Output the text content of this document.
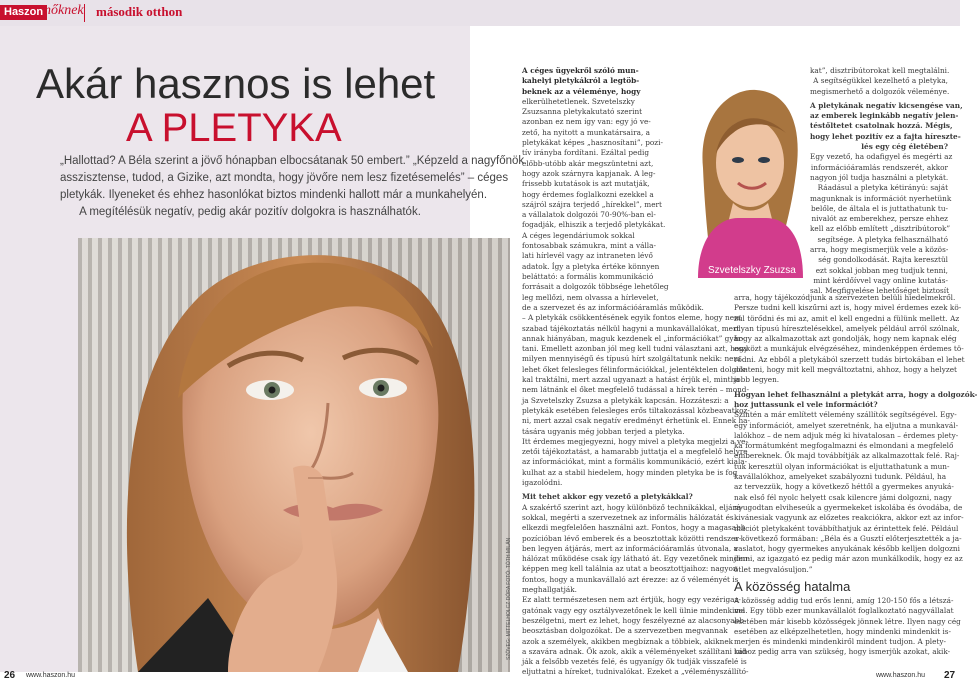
Haszon nőknek második otthon
Akár hasznos is lehet
A PLETYKA
„Hallottad? A Béla szerint a jövő hónapban elbocsátanak 50 embert.” „Képzeld a nagyfőnök
asszisztense, tudod, a Gizike, azt mondta, hogy jövőre nem lesz fizetésemelés” – céges
pletykák. Ilyeneket és ehhez hasonlókat biztos mindenki hallott már a munkahelyén.
A megítélésük negatív, pedig akár pozitív dolgokra is használhatók.
SZÖVEG: MITTELHOLCZ DÓRA FOTÓ: TÓTH MILÁN
A céges ügyekről szóló mun-
kahelyi pletykákról a legtöb-
beknek az a véleménye, hogy
elkerülhetetlenek. Szvetelszky
Zsuzsanna pletykakutató szerint
azonban ez nem így van: egy jó ve-
zető, ha nyitott a munkatársaira, a
pletykákat képes „hasznosítani”, pozi-
tív irányba fordítani. Ezáltal pedig
előbb-utóbb akár megszüntetni azt,
hogy azok szárnyra kapjanak. A leg-
frissebb kutatások is azt mutatják,
hogy érdemes foglalkozni ezekkel a
szájról szájra terjedő „hírekkel”, mert
a vállalatok dolgozói 70-90%-ban el-
fogadják, elhiszik a terjedő pletykákat.
A céges legendáriumok sokkal
fontosabbak számukra, mint a válla-
lati hírlevél vagy az intraneten lévő
adatok. Így a pletyka értéke könnyen
beláttató: a formális kommunikáció
forrásait a dolgozók többsége lehetőleg
leg mellőzi, nem olvassa a hírlevelet,
Szvetelszky Zsuzsa
de a szervezet és az információáramlás működik.
– A pletykák csökkentésének egyik fontos eleme, hogy nem
szabad tájékoztatás nélkül hagyni a munkavállalókat, mert
annak hiányában, maguk kezdenek el „információkat” gyár-
tani. Emellett azonban jól meg kell tudni választani azt, hogy
milyen mennyiségű és típusú hírt szolgáltatunk nekik: nem
lehet őket felesleges félinformációkkal, jelentéktelen dolgok-
kal traktálni, mert azzal ugyanazt a hatást érjük el, mintha
nem látnánk el őket megfelelő tudással a hírek terén – mond-
ja Szvetelszky Zsuzsa a pletykák kapcsán. Hozzáteszi: a
pletykák esetében felesleges erős tiltakozással közbeavatkoz-
ni, mert azzal csak negatív eredményt érhetünk el. Ennek ha-
tására ugyanis még jobban terjed a pletyka.
Itt érdemes megjegyezni, hogy mivel a pletyka megjelzi a ve-
zetői tájékoztatást, a hamarabb juttatja el a megfelelő helyre
az információkat, mint a formális kommunikáció, ezért kiala-
kulhat az a stabil hiedelem, hogy minden pletyka be is fog
igazolódni.
Mit tehet akkor egy vezető a pletykákkal?
A szakértő szerint azt, hogy különböző technikákkal, eljárá-
sokkal, megérti a szervezetnek az informális hálózatát és
elkezdi megfelelően használni azt. Fontos, hogy a magasabb
pozícióban lévő emberek és a beosztottak közötti rendszer-
ben legyen átjárás, mert az információáramlás útvonala, a
hálózat működése csak így látható át. Egy vezetőnek minden-
képpen meg kell találnia az utat a beosztottjaihoz: nagyon
fontos, hogy a munkavállaló azt érezze: az ő véleményét is
meghallgatják.
Ez alatt természetesen nem azt értjük, hogy egy vezérigaz-
gatónak vagy egy osztályvezetőnek le kell ülnie mindenkivel
beszélgetni, mert ez lehet, hogy feszélyezné az alacsonyabb
beosztásban dolgozókat. De a szervezetben megvannak
azok a személyek, akikben megbíznak a többiek, akiknek
a szavára adnak. Ők azok, akik a véleményeket szállítani tud-
ják a felsőbb vezetés felé, és ugyanígy ők tudják visszafelé is
eljuttatni a híreket, tudnivalókat. Ezeket a „véleményszállító-
kat”, disztribútorokat kell megtalálni.
A segítségükkel kezelhető a pletyka,
megismerhető a dolgozók véleménye.
A pletykának negatív kicsengése van,
az emberek leginkább negatív jelen-
téstőltetet csatolnak hozzá. Mégis,
hogy lehet pozitív ez a fajta híreszte-
lés egy cég életében?
Egy vezető, ha odafigyel és megérti az
információáramlás rendszerét, akkor
nagyon jól tudja használni a pletykát.
Ráadásul a pletyka kétirányú: saját
magunknak is információt nyerhetünk
belőle, de általa el is juttathatunk tu-
nivalót az emberekhez, persze ehhez
kell az előbb említett „disztribútorok”
segítsége. A pletyka felhasználható
arra, hogy megismerjük vele a közös-
ség gondolkodását. Rajta keresztül
ezt sokkal jobban meg tudjuk tenni,
mint kérdőívvel vagy online kutatás-
sal. Megfigyelése lehetőséget biztosít
arra, hogy tájékozódjunk a szervezeten belüli hiedelmekről.
Persze tudni kell kiszűrni azt is, hogy mivel érdemes ezek kö-
zül törődni és mi az, amit el kell engedni a fülünk mellett. Az
olyan típusú híresztelésekkel, amelyek például arról szólnak,
hogy az alkalmazottak azt gondolják, hogy nem kapnak elég
eszközt a munkájuk elvégzéséhez, mindenképpen érdemes tö-
rődni. Az ebből a pletykából szerzett tudás birtokában el lehet
dönteni, hogy mit kell megváltoztatni, ahhoz, hogy a helyzet
jobb legyen.
Hogyan lehet felhasználni a pletykát arra, hogy a dolgozók-
hoz juttassunk el vele információt?
Szintén a már említett vélemény szállítók segítségével. Egy-
egy információt, amelyet szeretnénk, ha eljutna a munkavál-
lalókhoz – de nem adjuk még ki hivatalosan – érdemes plety-
ka formátumként megfogalmazni és elmondani a megfelelő
embereknek. Ők majd továbbítják az alkalmazottak felé. Raj-
tuk keresztül olyan információkat is eljuttathatunk a mun-
kavállalókhoz, amelyeket szabályozni tudunk. Például, ha
az tervezzük, hogy a következő héttől a gyermekes anyuká-
nak első fél nyolc helyett csak kilencre jámi dolgozni, nagy
nyugodtan elviheseúk a gyermekeket iskolába és óvodába, de
kivánesiak vagyunk az előzetes reakciókra, akkor ezt az infor-
mációt pletykaként továbbíthatjuk az érintettek felé. Például
a következő formában: „Béla és a Gusztí előterjesztették a ja-
vaslatot, hogy gyermekes anyukának később kelljen dolgozni
jönni, az igazgató ez pedig már azon munkálkodik, hogy ez az
ötlet megvalósuljon.”
A közösség hatalma
A közösség addig tud erős lenni, amíg 120-150 fős a létszá-
ma. Egy több ezer munkavállalót foglalkoztató nagyvállalat
esetében már kisebb közösségek jönnek létre. Ilyen nagy cég
esetében az elképzelhetetlen, hogy mindenki mindenkit is-
merjen és mindenki mindenkiről mindent tudjon. A plety-
kához pedig arra van szükség, hogy ismerjük azokat, akik-
26 www.haszon.hu	www.haszon.hu 27
